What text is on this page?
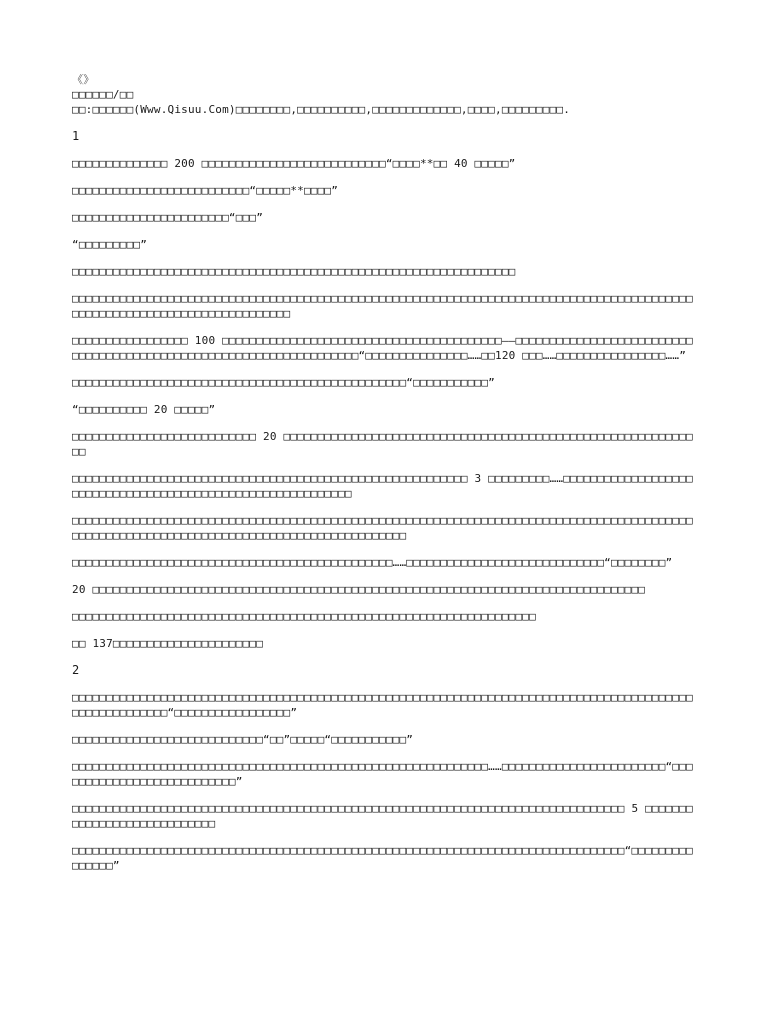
《》
□□□□□□/□□
□□:□□□□□□(Www.Qisuu.Com)□□□□□□□□,□□□□□□□□□□,□□□□□□□□□□□□□,□□□□,□□□□□□□□□.
1

□□□□□□□□□□□□□□ 200 □□□□□□□□□□□□□□□□□□□□□□□□□□□“□□□□**□□ 40 □□□□□”

□□□□□□□□□□□□□□□□□□□□□□□□□□“□□□□□**□□□□”

□□□□□□□□□□□□□□□□□□□□□□□“□□□”

“□□□□□□□□□”

□□□□□□□□□□□□□□□□□□□□□□□□□□□□□□□□□□□□□□□□□□□□□□□□□□□□□□□□□□□□□□□□□

□□□□□□□□□□□□□□□□□□□□□□□□□□□□□□□□□□□□□□□□□□□□□□□□□□□□□□□□□□□□□□□□□□□□□□□□□□□□□□□□□□□□□□□□□□□□□□□□□□□□□□□□□□□□□□□□□□□□□□□□□□□

□□□□□□□□□□□□□□□□□ 100 □□□□□□□□□□□□□□□□□□□□□□□□□□□□□□□□□□□□□□□□□——□□□□□□□□□□□□□□□□□□□□□□□□□□□□□□□□□□□□□□□□□□□□□□□□□□□□□□□□□□□□□□□□□□□□“□□□□□□□□□□□□□□□……□□120 □□□……□□□□□□□□□□□□□□□□……”

□□□□□□□□□□□□□□□□□□□□□□□□□□□□□□□□□□□□□□□□□□□□□□□□□“□□□□□□□□□□□”

“□□□□□□□□□□ 20 □□□□□”

□□□□□□□□□□□□□□□□□□□□□□□□□□□ 20 □□□□□□□□□□□□□□□□□□□□□□□□□□□□□□□□□□□□□□□□□□□□□□□□□□□□□□□□□□□□□□

□□□□□□□□□□□□□□□□□□□□□□□□□□□□□□□□□□□□□□□□□□□□□□□□□□□□□□□□□□ 3 □□□□□□□□□……□□□□□□□□□□□□□□□□□□□□□□□□□□□□□□□□□□□□□□□□□□□□□□□□□□□□□□□□□□□□

□□□□□□□□□□□□□□□□□□□□□□□□□□□□□□□□□□□□□□□□□□□□□□□□□□□□□□□□□□□□□□□□□□□□□□□□□□□□□□□□□□□□□□□□□□□□□□□□□□□□□□□□□□□□□□□□□□□□□□□□□□□□□□□□□□□□□□□□□□□□

□□□□□□□□□□□□□□□□□□□□□□□□□□□□□□□□□□□□□□□□□□□□□□□……□□□□□□□□□□□□□□□□□□□□□□□□□□□□□“□□□□□□□□”

20 □□□□□□□□□□□□□□□□□□□□□□□□□□□□□□□□□□□□□□□□□□□□□□□□□□□□□□□□□□□□□□□□□□□□□□□□□□□□□□□□□

□□□□□□□□□□□□□□□□□□□□□□□□□□□□□□□□□□□□□□□□□□□□□□□□□□□□□□□□□□□□□□□□□□□□

□□ 137□□□□□□□□□□□□□□□□□□□□□□

2

□□□□□□□□□□□□□□□□□□□□□□□□□□□□□□□□□□□□□□□□□□□□□□□□□□□□□□□□□□□□□□□□□□□□□□□□□□□□□□□□□□□□□□□□□□□□□□□□□□□□□□□□□“□□□□□□□□□□□□□□□□□”

□□□□□□□□□□□□□□□□□□□□□□□□□□□□“□□”□□□□□“□□□□□□□□□□□”

□□□□□□□□□□□□□□□□□□□□□□□□□□□□□□□□□□□□□□□□□□□□□□□□□□□□□□□□□□□□□……□□□□□□□□□□□□□□□□□□□□□□□□“□□□□□□□□□□□□□□□□□□□□□□□□□□□”

□□□□□□□□□□□□□□□□□□□□□□□□□□□□□□□□□□□□□□□□□□□□□□□□□□□□□□□□□□□□□□□□□□□□□□□□□□□□□□□□□ 5 □□□□□□□□□□□□□□□□□□□□□□□□□□□□

□□□□□□□□□□□□□□□□□□□□□□□□□□□□□□□□□□□□□□□□□□□□□□□□□□□□□□□□□□□□□□□□□□□□□□□□□□□□□□□□□“□□□□□□□□□□□□□□□”
